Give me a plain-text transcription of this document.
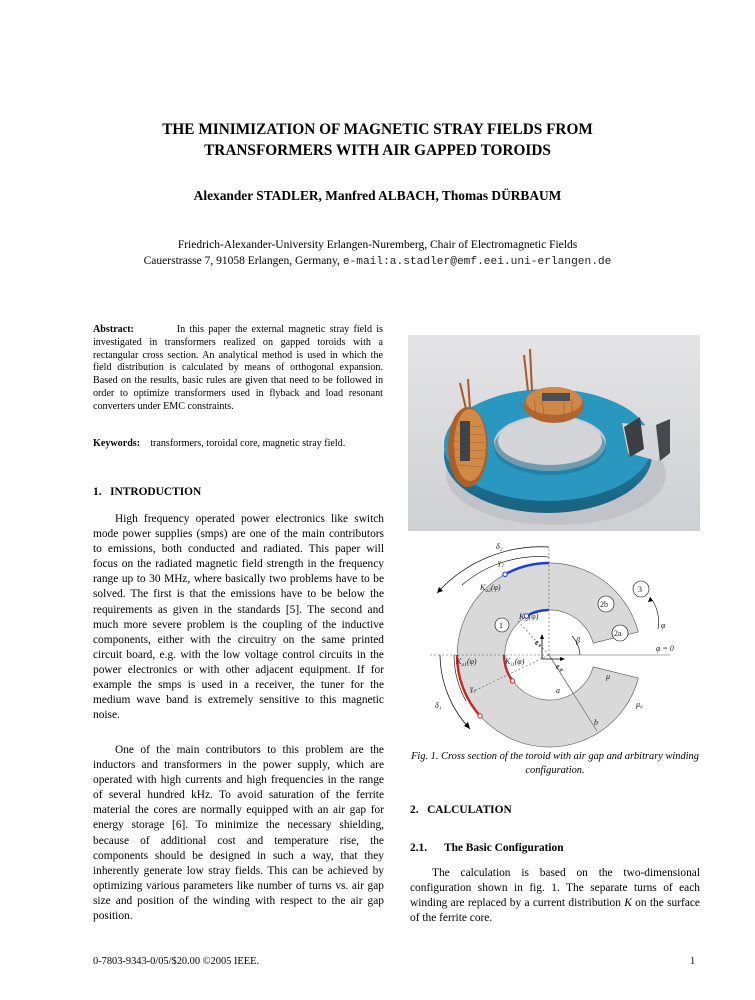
THE MINIMIZATION OF MAGNETIC STRAY FIELDS FROM
TRANSFORMERS WITH AIR GAPPED TOROIDS
Alexander STADLER, Manfred ALBACH, Thomas DÜRBAUM
Friedrich-Alexander-University Erlangen-Nuremberg, Chair of Electromagnetic Fields
Cauerstrasse 7, 91058 Erlangen, Germany, e-mail:a.stadler@emf.eei.uni-erlangen.de
Abstract:	In this paper the external magnetic stray field is investigated in transformers realized on gapped toroids with a rectangular cross section. An analytical method is used in which the field distribution is calculated by means of orthogonal expansion. Based on the results, basic rules are given that need to be followed in order to optimize transformers used in flyback and load resonant converters under EMC constraints.
Keywords: transformers, toroidal core, magnetic stray field.
1.   INTRODUCTION

High frequency operated power electronics like switch mode power supplies (smps) are one of the main contributors to emissions, both conducted and radiated. This paper will focus on the radiated magnetic field strength in the frequency range up to 30 MHz, where basically two problems have to be solved. The first is that the emissions have to be below the requirements as given in the standards [5]. The second and much more severe problem is the coupling of the inductive components, either with the circuitry on the same printed circuit board, e.g. with the low voltage control circuits in the power electronics or with other adjacent equipment. If for example the smps is used in a receiver, the tuner for the medium wave band is extremely sensitive to this magnetic noise.

One of the main contributors to this problem are the inductors and transformers in the power supply, which are operated with high currents and high frequencies in the range of several hundred kHz. To avoid saturation of the ferrite material the cores are normally equipped with an air gap for energy storage [6]. To minimize the necessary shielding, because of additional cost and temperature rise, the components should be designed in such a way, that they inherently generate low stray fields. This can be achieved by optimizing various parameters like number of turns vs. air gap size and position of the winding with respect to the air gap position.

δ₂
γ₂
$K_{a2}(\varphi)$
$K_{i2}(\varphi)$
$K_{a1}(\varphi)$	$K_{i1}(\varphi)$
1
2b
2a
3
φ
φ = 0
β
a
b
μ
μ₀
γ₁
δ₁
$e_r$
$e_\varphi$
Fig. 1. Cross section of the toroid with air gap and arbitrary winding configuration.
2.   CALCULATION
2.1.      The Basic Configuration

The calculation is based on the two-dimensional configuration shown in fig. 1. The separate turns of each winding are replaced by a current distribution K on the surface of the ferrite core.

0-7803-9343-0/05/$20.00 ©2005 IEEE.	1
